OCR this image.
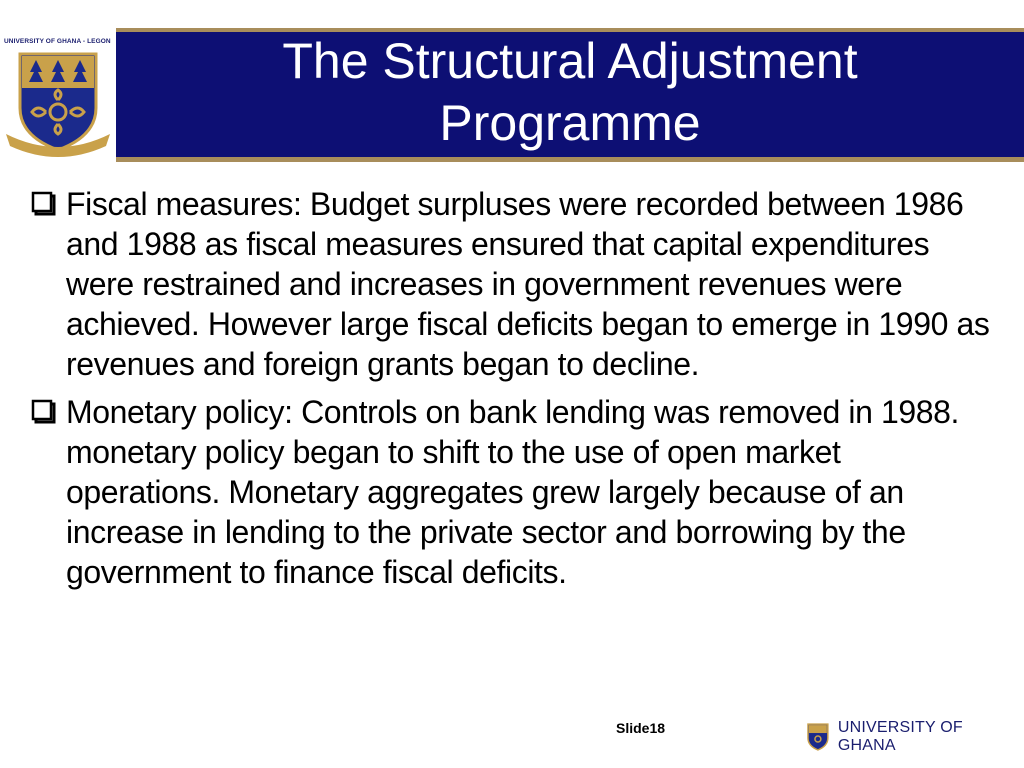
UNIVERSITY OF GHANA - LEGON	The Structural Adjustment
Programme
Fiscal measures: Budget surpluses were recorded between 1986 and 1988 as fiscal measures ensured that capital expenditures were restrained and increases in government revenues were achieved. However large fiscal deficits began to emerge in 1990 as revenues and foreign grants began to decline.
Monetary policy: Controls on bank lending was removed in 1988. monetary policy began to shift to the use of open market operations. Monetary aggregates grew largely because of an increase in lending to the private sector and borrowing by the government to finance fiscal deficits.
Slide18	UNIVERSITY OF GHANA
